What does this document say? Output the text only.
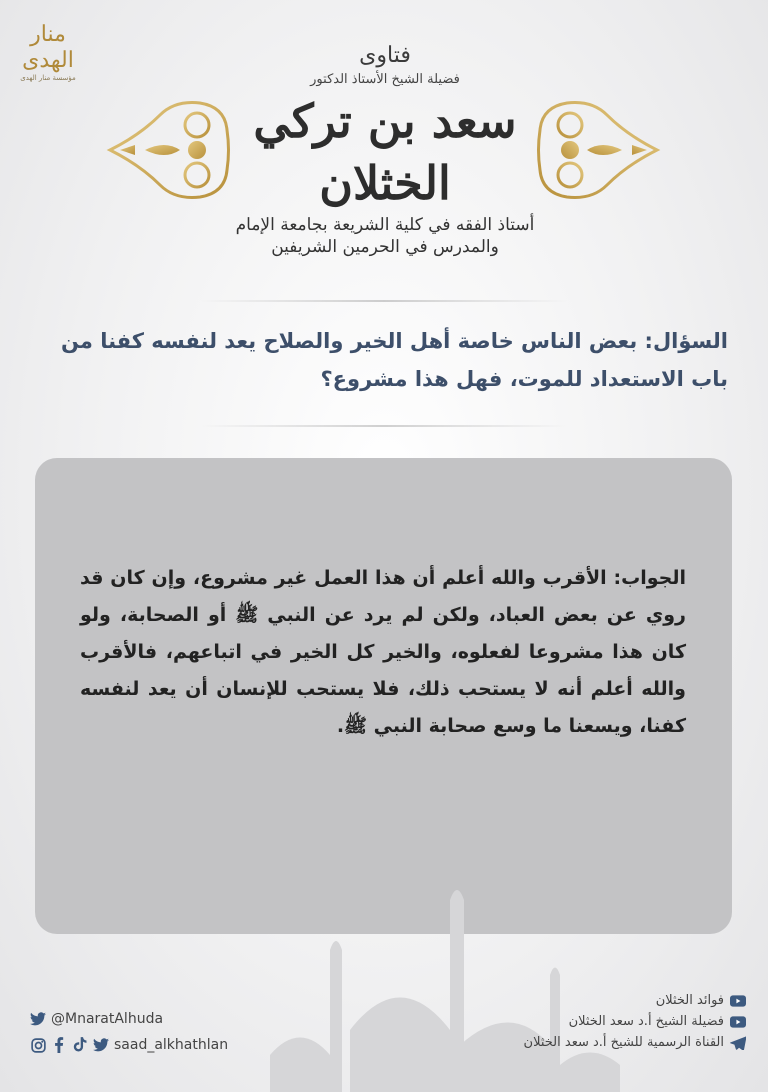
منار الهدى
مؤسسة منار الهدى
فتاوى
فضيلة الشيخ الأستاذ الدكتور
سعد بن تركي الخثلان
أستاذ الفقه في كلية الشريعة بجامعة الإمام
والمدرس في الحرمين الشريفين
السؤال: بعض الناس خاصة أهل الخير والصلاح يعد لنفسه كفنا من باب الاستعداد للموت، فهل هذا مشروع؟
الجواب: الأقرب والله أعلم أن هذا العمل غير مشروع، وإن كان قد روي عن بعض العباد، ولكن لم يرد عن النبي ﷺ أو الصحابة، ولو كان هذا مشروعا لفعلوه، والخير كل الخير في اتباعهم، فالأقرب والله أعلم أنه لا يستحب ذلك، فلا يستحب للإنسان أن يعد لنفسه كفنا، ويسعنا ما وسع صحابة النبي ﷺ.
@MnaratAlhuda
saad_alkhathlan
فوائد الخثلان
فضيلة الشيخ أ.د سعد الخثلان
القناة الرسمية للشيخ أ.د سعد الخثلان
